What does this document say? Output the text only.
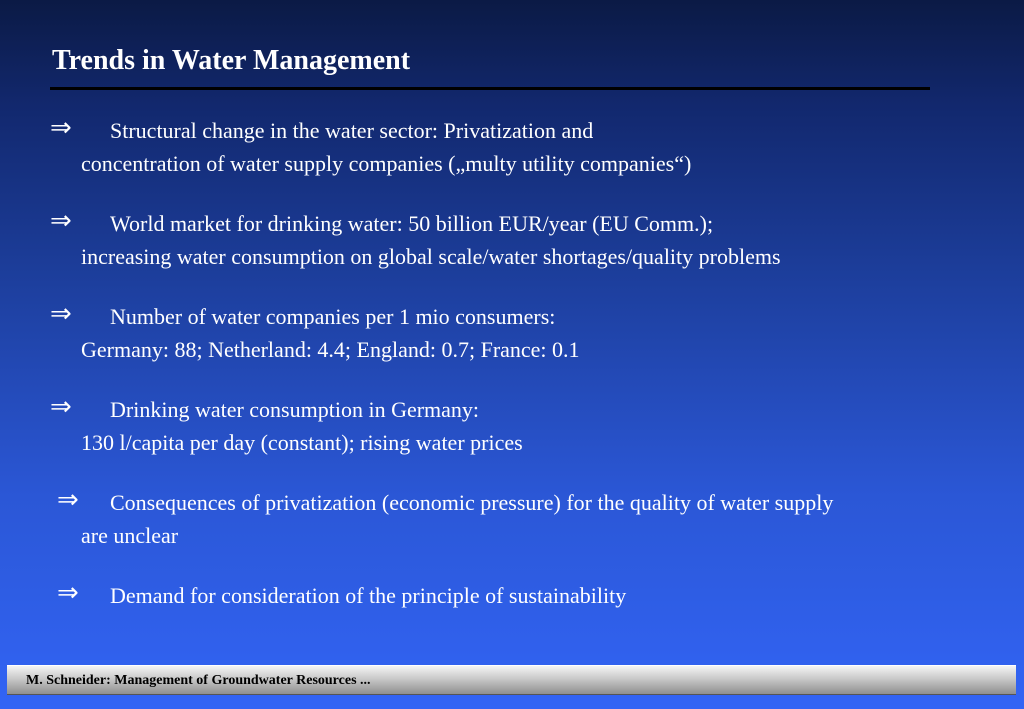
Trends in Water Management
⇒	Structural change in the water sector: Privatization and
concentration of water supply companies („multy utility companies“)
⇒	World market for drinking water: 50 billion EUR/year (EU Comm.);
increasing water consumption on global scale/water shortages/quality problems
⇒	Number of water companies per 1 mio consumers:
Germany: 88; Netherland: 4.4; England: 0.7; France: 0.1
⇒	Drinking water consumption in Germany:
130 l/capita per day (constant); rising water prices
⇒	Consequences of privatization (economic pressure) for the quality of water supply
are unclear
⇒	Demand for consideration of the principle of sustainability
M. Schneider: Management of Groundwater Resources ...
